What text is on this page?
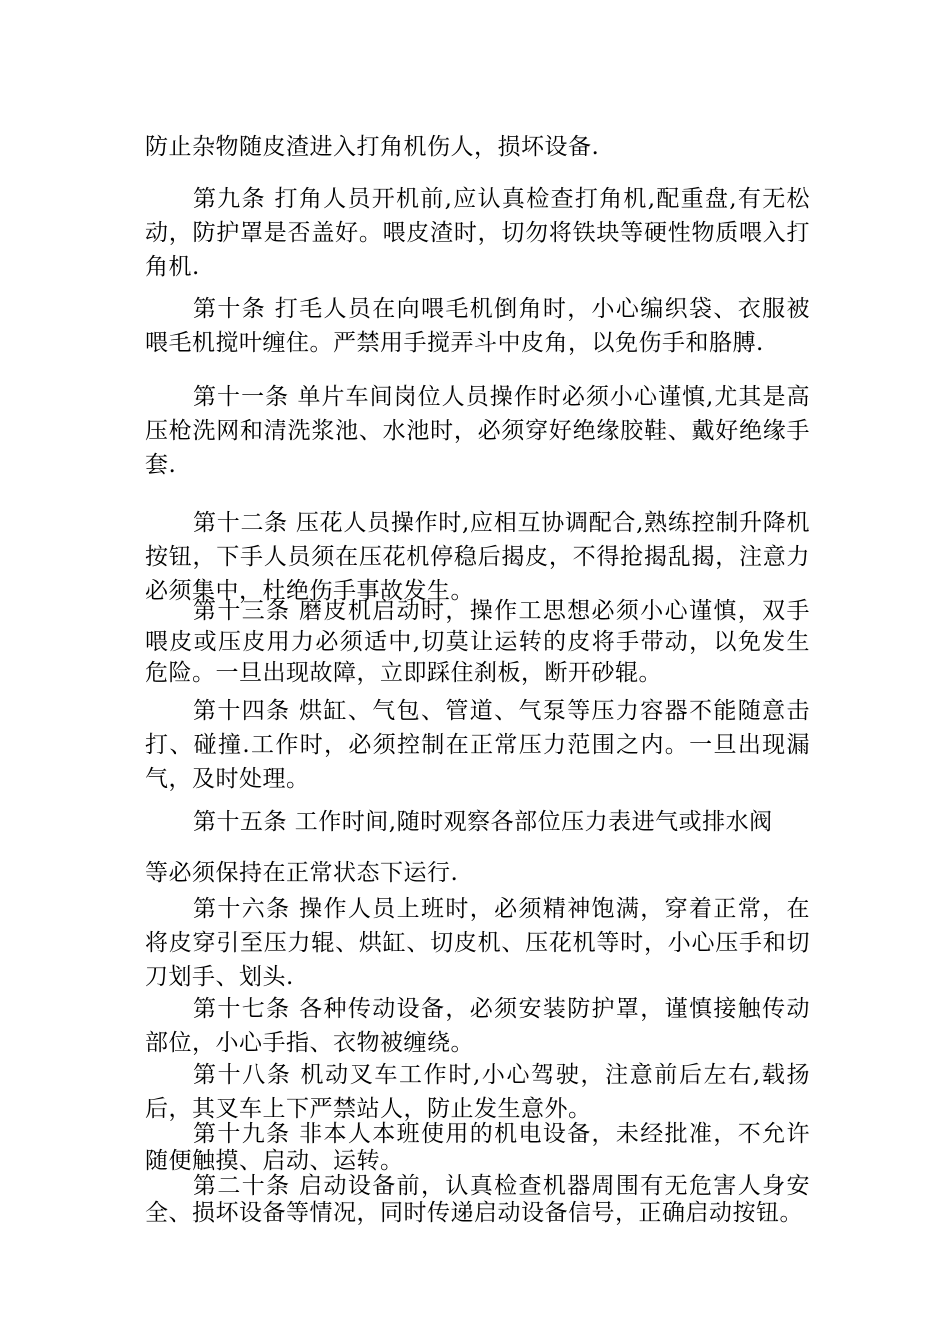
防止杂物随皮渣进入打角机伤人，损坏设备.

第九条 打角人员开机前,应认真检查打角机,配重盘,有无松动，防护罩是否盖好。喂皮渣时，切勿将铁块等硬性物质喂入打角机.

第十条 打毛人员在向喂毛机倒角时，小心编织袋、衣服被喂毛机搅叶缠住。严禁用手搅弄斗中皮角，以免伤手和胳膊.

第十一条 单片车间岗位人员操作时必须小心谨慎,尤其是高压枪洗网和清洗浆池、水池时，必须穿好绝缘胶鞋、戴好绝缘手套.

第十二条 压花人员操作时,应相互协调配合,熟练控制升降机按钮，下手人员须在压花机停稳后揭皮，不得抢揭乱揭，注意力必须集中，杜绝伤手事故发生。

第十三条 磨皮机启动时，操作工思想必须小心谨慎，双手喂皮或压皮用力必须适中,切莫让运转的皮将手带动，以免发生危险。一旦出现故障，立即踩住刹板，断开砂辊。

第十四条 烘缸、气包、管道、气泵等压力容器不能随意击打、碰撞.工作时，必须控制在正常压力范围之内。一旦出现漏气，及时处理。

第十五条 工作时间,随时观察各部位压力表进气或排水阀

等必须保持在正常状态下运行.

第十六条 操作人员上班时，必须精神饱满，穿着正常，在将皮穿引至压力辊、烘缸、切皮机、压花机等时，小心压手和切刀划手、划头.

第十七条 各种传动设备，必须安装防护罩，谨慎接触传动部位，小心手指、衣物被缠绕。

第十八条 机动叉车工作时,小心驾驶，注意前后左右,载扬后，其叉车上下严禁站人，防止发生意外。

第十九条 非本人本班使用的机电设备，未经批准，不允许随便触摸、启动、运转。

第二十条 启动设备前，认真检查机器周围有无危害人身安全、损坏设备等情况，同时传递启动设备信号，正确启动按钮。
